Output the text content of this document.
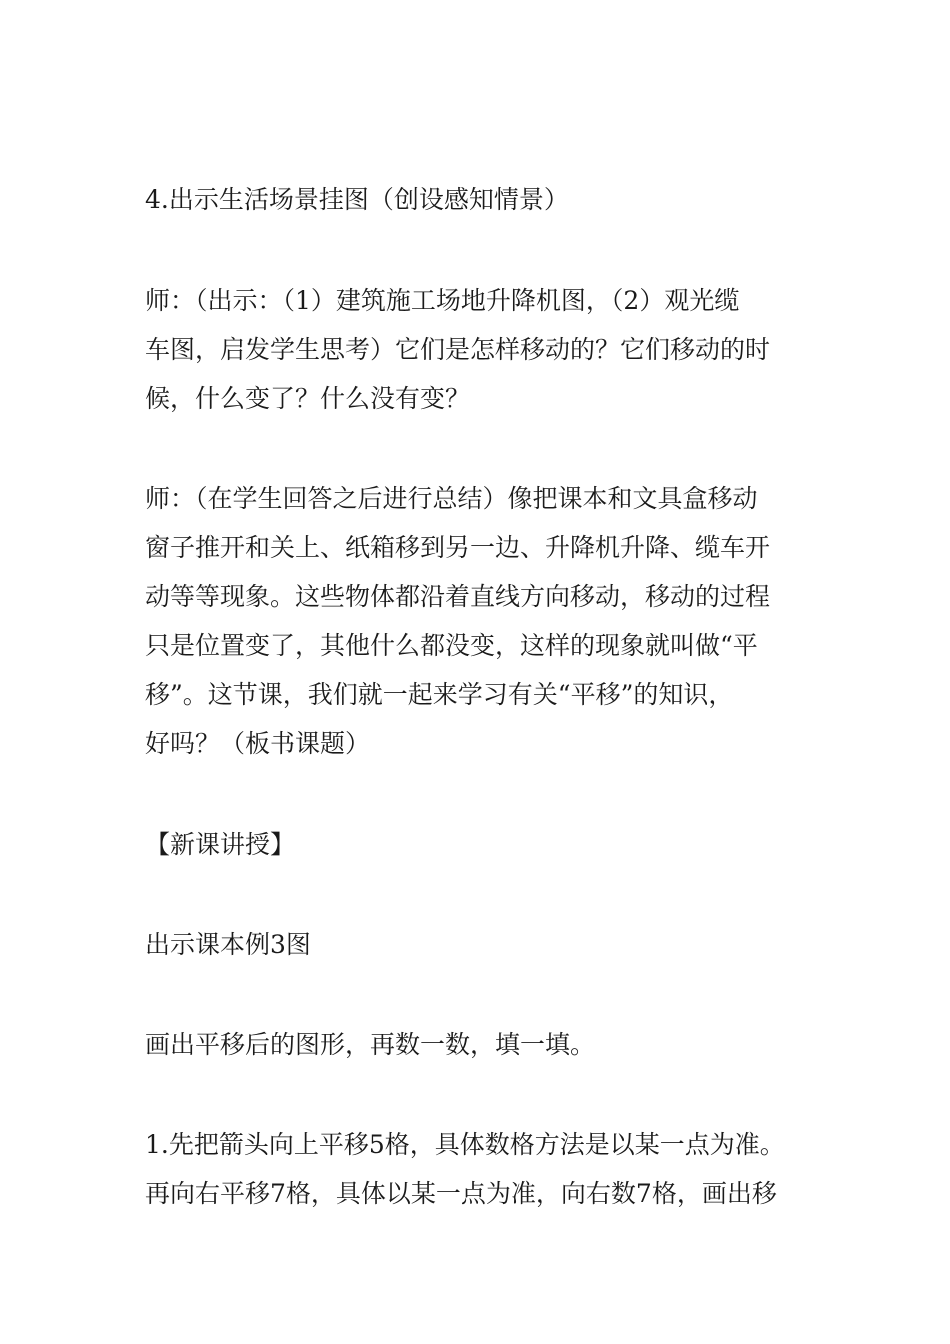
4.出示生活场景挂图（创设感知情景）

师：（出示：（1）建筑施工场地升降机图，（2）观光缆
车图，启发学生思考）它们是怎样移动的？它们移动的时
候，什么变了？什么没有变？

师：（在学生回答之后进行总结）像把课本和文具盒移动
窗子推开和关上、纸箱移到另一边、升降机升降、缆车开
动等等现象。这些物体都沿着直线方向移动，移动的过程
只是位置变了，其他什么都没变，这样的现象就叫做“平
移”。这节课，我们就一起来学习有关“平移”的知识，
好吗？（板书课题）

【新课讲授】

出示课本例3图

画出平移后的图形，再数一数，填一填。

1.先把箭头向上平移5格，具体数格方法是以某一点为准。
再向右平移7格，具体以某一点为准，向右数7格，画出移
